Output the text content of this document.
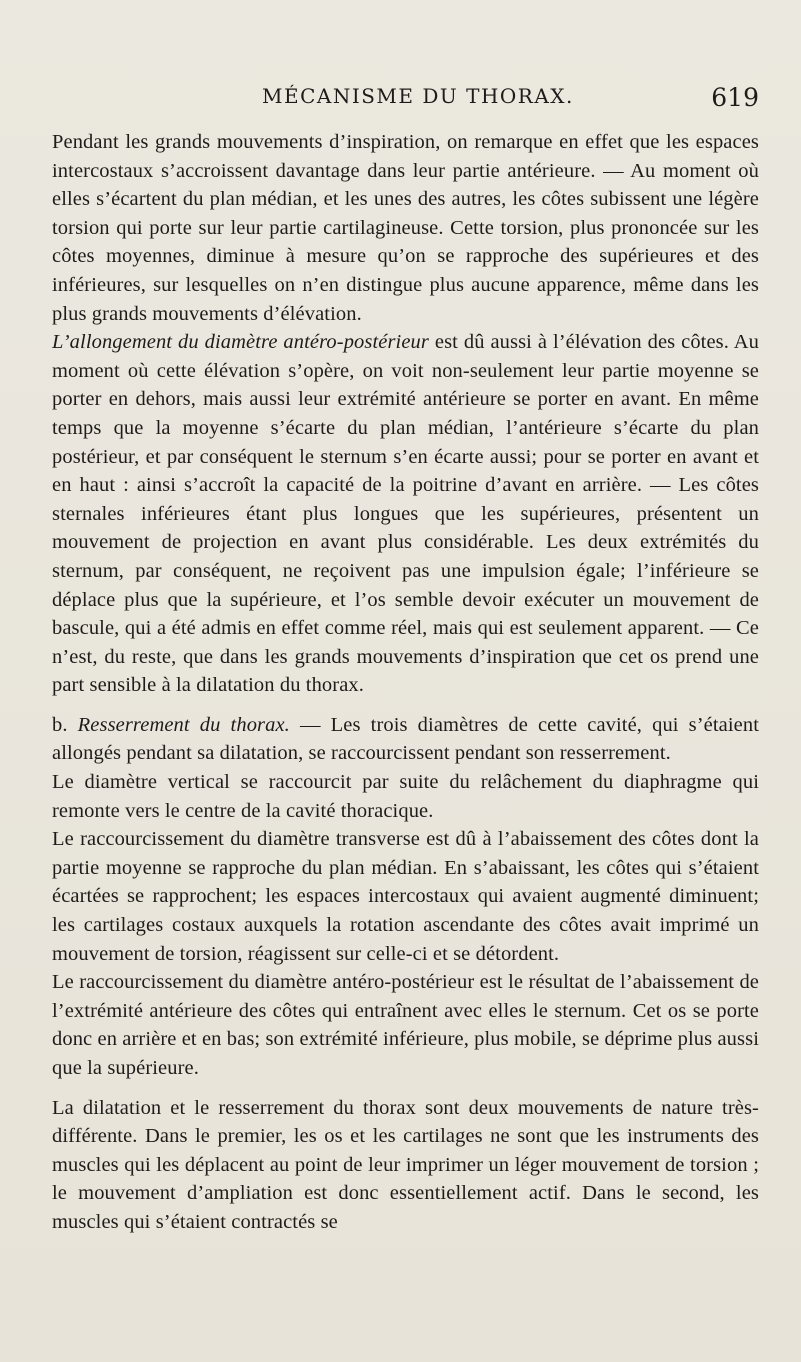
MÉCANISME DU THORAX.	619

Pendant les grands mouvements d’inspiration, on remarque en effet que les espaces intercostaux s’accroissent davantage dans leur partie antérieure. — Au moment où elles s’écartent du plan médian, et les unes des autres, les côtes subissent une légère torsion qui porte sur leur partie cartilagineuse. Cette torsion, plus prononcée sur les côtes moyennes, diminue à mesure qu’on se rapproche des supérieures et des inférieures, sur lesquelles on n’en distingue plus aucune apparence, même dans les plus grands mouvements d’élévation.

L’allongement du diamètre antéro-postérieur est dû aussi à l’élévation des côtes. Au moment où cette élévation s’opère, on voit non-seulement leur partie moyenne se porter en dehors, mais aussi leur extrémité antérieure se porter en avant. En même temps que la moyenne s’écarte du plan médian, l’antérieure s’écarte du plan postérieur, et par conséquent le sternum s’en écarte aussi; pour se porter en avant et en haut : ainsi s’accroît la capacité de la poitrine d’avant en arrière. — Les côtes sternales inférieures étant plus longues que les supérieures, présentent un mouvement de projection en avant plus considérable. Les deux extrémités du sternum, par conséquent, ne reçoivent pas une impulsion égale; l’inférieure se déplace plus que la supérieure, et l’os semble devoir exécuter un mouvement de bascule, qui a été admis en effet comme réel, mais qui est seulement apparent. — Ce n’est, du reste, que dans les grands mouvements d’inspiration que cet os prend une part sensible à la dilatation du thorax.

b. Resserrement du thorax. — Les trois diamètres de cette cavité, qui s’étaient allongés pendant sa dilatation, se raccourcissent pendant son resserrement.

Le diamètre vertical se raccourcit par suite du relâchement du diaphragme qui remonte vers le centre de la cavité thoracique.

Le raccourcissement du diamètre transverse est dû à l’abaissement des côtes dont la partie moyenne se rapproche du plan médian. En s’abaissant, les côtes qui s’étaient écartées se rapprochent; les espaces intercostaux qui avaient augmenté diminuent; les cartilages costaux auxquels la rotation ascendante des côtes avait imprimé un mouvement de torsion, réagissent sur celle-ci et se détordent.

Le raccourcissement du diamètre antéro-postérieur est le résultat de l’abaissement de l’extrémité antérieure des côtes qui entraînent avec elles le sternum. Cet os se porte donc en arrière et en bas; son extrémité inférieure, plus mobile, se déprime plus aussi que la supérieure.

La dilatation et le resserrement du thorax sont deux mouvements de nature très-différente. Dans le premier, les os et les cartilages ne sont que les instruments des muscles qui les déplacent au point de leur imprimer un léger mouvement de torsion ; le mouvement d’ampliation est donc essentiellement actif. Dans le second, les muscles qui s’étaient contractés se
